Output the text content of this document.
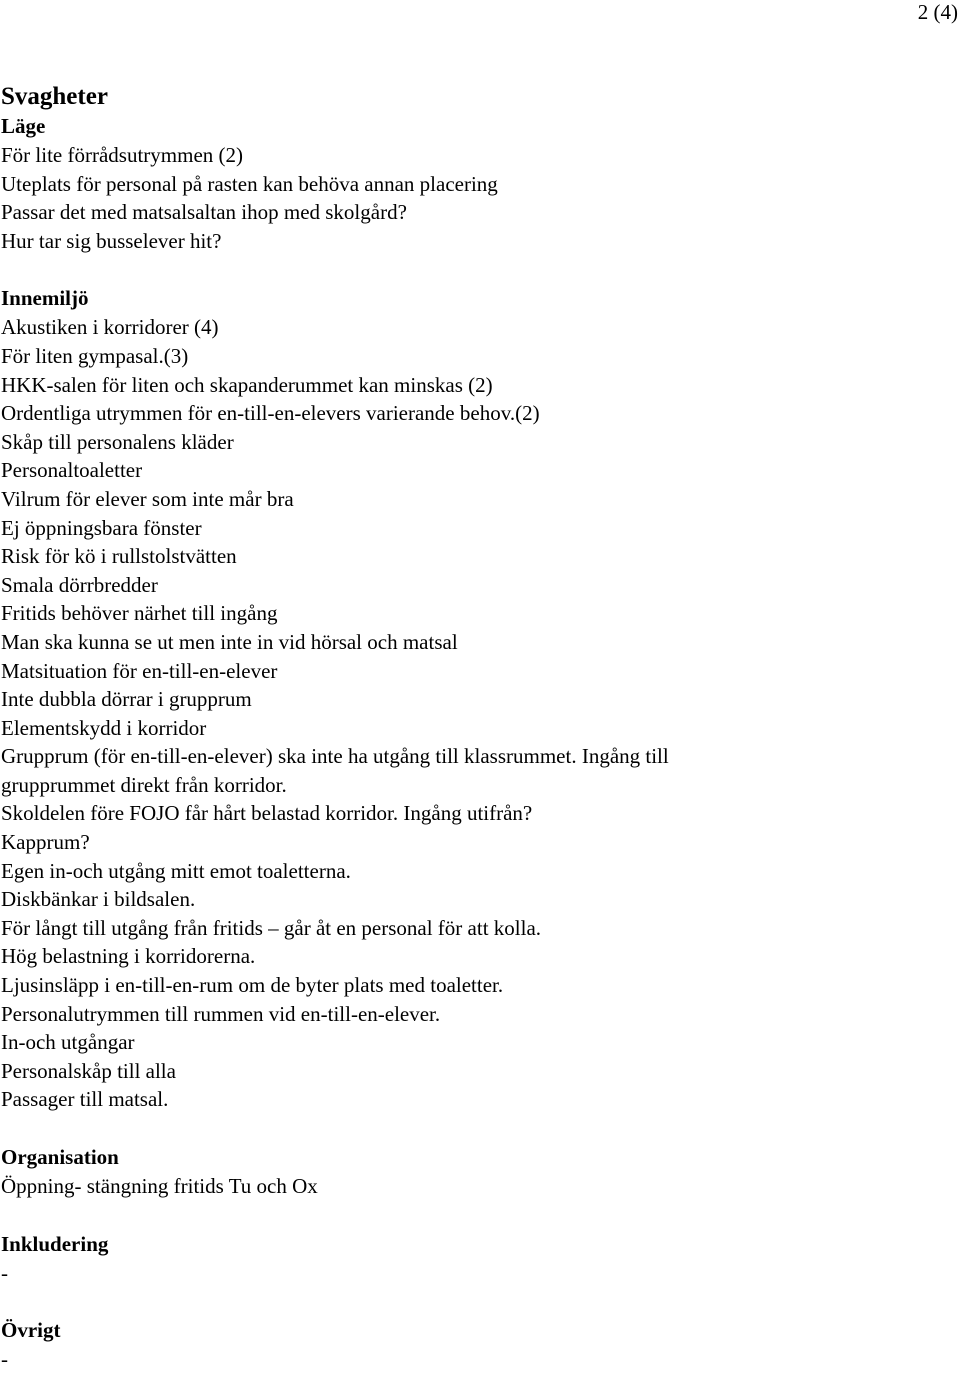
2 (4)
Svagheter
Läge
För lite förrådsutrymmen (2)
Uteplats för personal på rasten kan behöva annan placering
Passar det med matsalsaltan ihop med skolgård?
Hur tar sig busselever hit?
Innemiljö
Akustiken i korridorer (4)
För liten gympasal.(3)
HKK-salen för liten och skapanderummet kan minskas (2)
Ordentliga utrymmen för en-till-en-elevers varierande behov.(2)
Skåp till personalens kläder
Personaltoaletter
Vilrum för elever som inte mår bra
Ej öppningsbara fönster
Risk för kö i rullstolstvätten
Smala dörrbredder
Fritids behöver närhet till ingång
Man ska kunna se ut men inte in vid hörsal och matsal
Matsituation för en-till-en-elever
Inte dubbla dörrar i grupprum
Elementskydd i korridor
Grupprum (för en-till-en-elever) ska inte ha utgång till klassrummet. Ingång till
grupprummet direkt från korridor.
Skoldelen före FOJO får hårt belastad korridor. Ingång utifrån?
Kapprum?
Egen in-och utgång mitt emot toaletterna.
Diskbänkar i bildsalen.
För långt till utgång från fritids – går åt en personal för att kolla.
Hög belastning i korridorerna.
Ljusinsläpp i en-till-en-rum om de byter plats med toaletter.
Personalutrymmen till rummen vid en-till-en-elever.
In-och utgångar
Personalskåp till alla
Passager till matsal.
Organisation
Öppning- stängning fritids Tu och Ox
Inkludering
-
Övrigt
-
